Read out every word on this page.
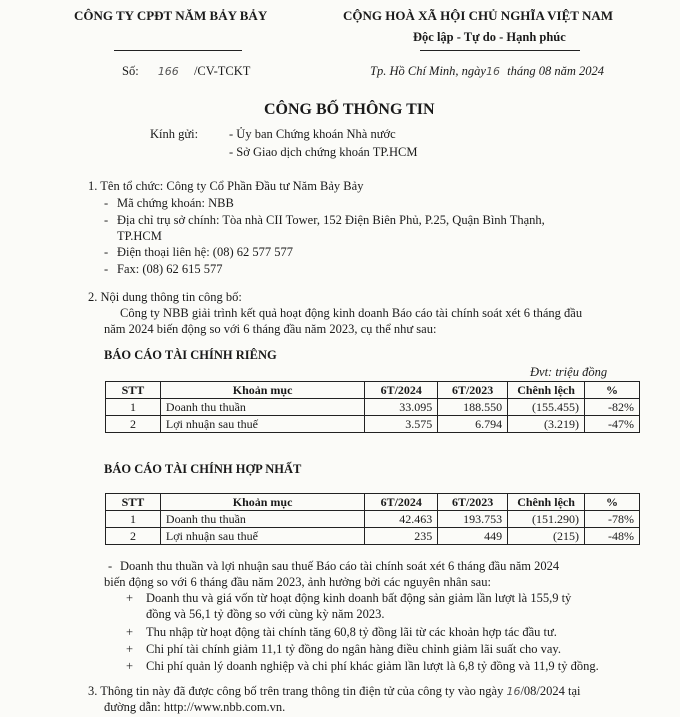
CÔNG TY CPĐT NĂM BẢY BẢY	CỘNG HOÀ XÃ HỘI CHỦ NGHĨA VIỆT NAM
Độc lập - Tự do - Hạnh phúc
Số: 166 /CV-TCKT	Tp. Hồ Chí Minh, ngày16 tháng 08 năm 2024
CÔNG BỐ THÔNG TIN
Kính gửi: - Ủy ban Chứng khoán Nhà nước
- Sở Giao dịch chứng khoán TP.HCM
1. Tên tổ chức: Công ty Cổ Phần Đầu tư Năm Bảy Bảy
- Mã chứng khoán: NBB
- Địa chỉ trụ sở chính: Tòa nhà CII Tower, 152 Điện Biên Phủ, P.25, Quận Bình Thạnh,
TP.HCM
- Điện thoại liên hệ: (08) 62 577 577
- Fax: (08) 62 615 577
2. Nội dung thông tin công bố:
Công ty NBB giải trình kết quả hoạt động kinh doanh Báo cáo tài chính soát xét 6 tháng đầu
năm 2024 biến động so với 6 tháng đầu năm 2023, cụ thể như sau:
BÁO CÁO TÀI CHÍNH RIÊNG
Đvt: triệu đồng
STT	Khoản mục	6T/2024	6T/2023	Chênh lệch	%
1	Doanh thu thuần	33.095	188.550	(155.455)	-82%
2	Lợi nhuận sau thuế	3.575	6.794	(3.219)	-47%
BÁO CÁO TÀI CHÍNH HỢP NHẤT
STT	Khoản mục	6T/2024	6T/2023	Chênh lệch	%
1	Doanh thu thuần	42.463	193.753	(151.290)	-78%
2	Lợi nhuận sau thuế	235	449	(215)	-48%
- Doanh thu thuần và lợi nhuận sau thuế Báo cáo tài chính soát xét 6 tháng đầu năm 2024
biến động so với 6 tháng đầu năm 2023, ảnh hưởng bởi các nguyên nhân sau:
+ Doanh thu và giá vốn từ hoạt động kinh doanh bất động sản giảm lần lượt là 155,9 tỷ
đồng và 56,1 tỷ đồng so với cùng kỳ năm 2023.
+ Thu nhập từ hoạt động tài chính tăng 60,8 tỷ đồng lãi từ các khoản hợp tác đầu tư.
+ Chi phí tài chính giảm 11,1 tỷ đồng do ngân hàng điều chỉnh giảm lãi suất cho vay.
+ Chi phí quản lý doanh nghiệp và chi phí khác giảm lần lượt là 6,8 tỷ đồng và 11,9 tỷ đồng.
3. Thông tin này đã được công bố trên trang thông tin điện tử của công ty vào ngày 16/08/2024 tại
đường dẫn: http://www.nbb.com.vn.
